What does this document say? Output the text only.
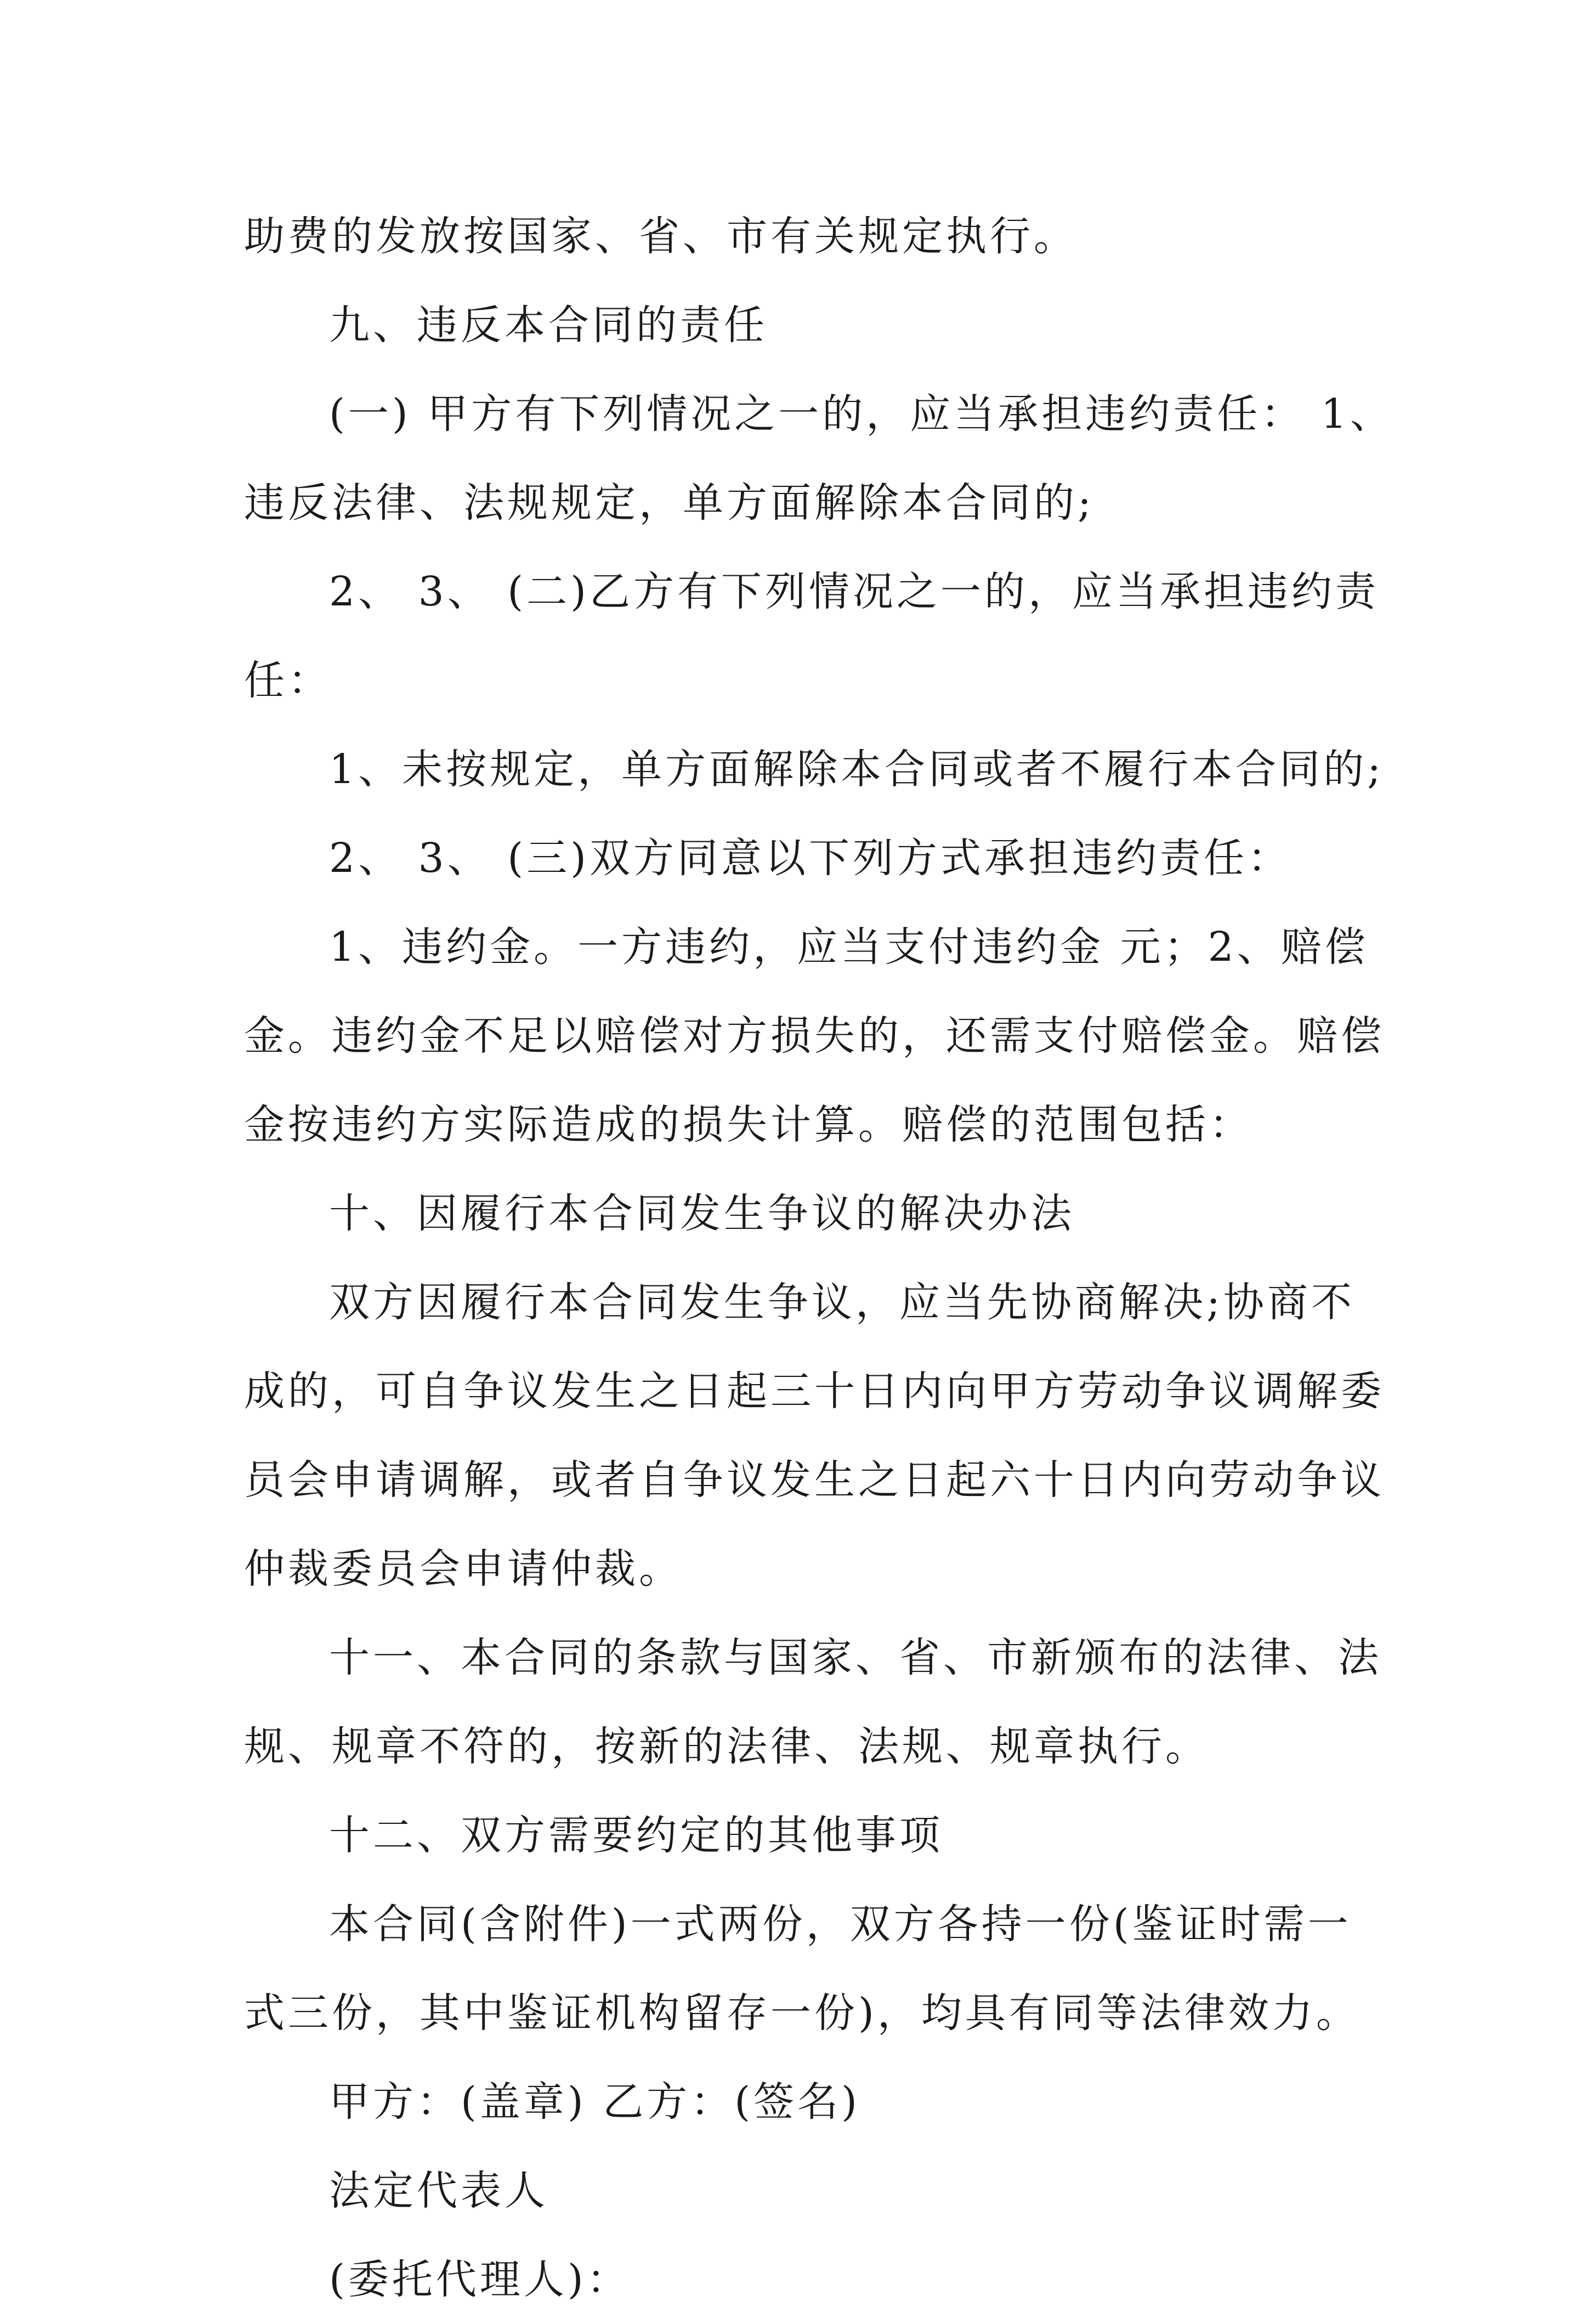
助费的发放按国家、省、市有关规定执行。
九、违反本合同的责任
(一) 甲方有下列情况之一的，应当承担违约责任： 1、
违反法律、法规规定，单方面解除本合同的;
2、 3、 (二)乙方有下列情况之一的，应当承担违约责
任：
1、未按规定，单方面解除本合同或者不履行本合同的;
2、 3、 (三)双方同意以下列方式承担违约责任：
1、违约金。一方违约，应当支付违约金 元；2、赔偿
金。违约金不足以赔偿对方损失的，还需支付赔偿金。赔偿
金按违约方实际造成的损失计算。赔偿的范围包括：
十、因履行本合同发生争议的解决办法
双方因履行本合同发生争议，应当先协商解决;协商不
成的，可自争议发生之日起三十日内向甲方劳动争议调解委
员会申请调解，或者自争议发生之日起六十日内向劳动争议
仲裁委员会申请仲裁。
十一、本合同的条款与国家、省、市新颁布的法律、法
规、规章不符的，按新的法律、法规、规章执行。
十二、双方需要约定的其他事项
本合同(含附件)一式两份，双方各持一份(鉴证时需一
式三份，其中鉴证机构留存一份)，均具有同等法律效力。
甲方：(盖章) 乙方：(签名)
法定代表人
(委托代理人)：
